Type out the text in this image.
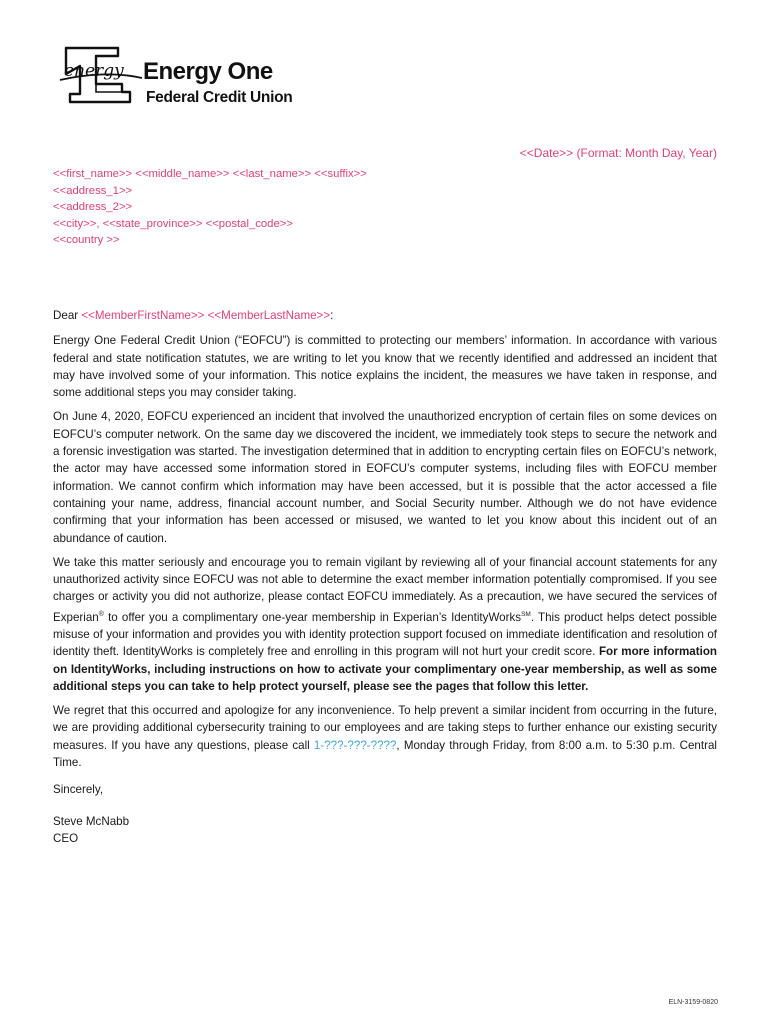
energy Energy One
Federal Credit Union
<<Date>> (Format: Month Day, Year)
<<first_name>> <<middle_name>> <<last_name>> <<suffix>>
<<address_1>>
<<address_2>>
<<city>>, <<state_province>> <<postal_code>>
<<country >>

Dear <<MemberFirstName>> <<MemberLastName>>:

Energy One Federal Credit Union (“EOFCU”) is committed to protecting our members’ information. In accordance with various federal and state notification statutes, we are writing to let you know that we recently identified and addressed an incident that may have involved some of your information. This notice explains the incident, the measures we have taken in response, and some additional steps you may consider taking.

On June 4, 2020, EOFCU experienced an incident that involved the unauthorized encryption of certain files on some devices on EOFCU’s computer network. On the same day we discovered the incident, we immediately took steps to secure the network and a forensic investigation was started. The investigation determined that in addition to encrypting certain files on EOFCU’s network, the actor may have accessed some information stored in EOFCU’s computer systems, including files with EOFCU member information. We cannot confirm which information may have been accessed, but it is possible that the actor accessed a file containing your name, address, financial account number, and Social Security number. Although we do not have evidence confirming that your information has been accessed or misused, we wanted to let you know about this incident out of an abundance of caution.

We take this matter seriously and encourage you to remain vigilant by reviewing all of your financial account statements for any unauthorized activity since EOFCU was not able to determine the exact member information potentially compromised. If you see charges or activity you did not authorize, please contact EOFCU immediately. As a precaution, we have secured the services of Experian® to offer you a complimentary one-year membership in Experian’s IdentityWorks℠. This product helps detect possible misuse of your information and provides you with identity protection support focused on immediate identification and resolution of identity theft. IdentityWorks is completely free and enrolling in this program will not hurt your credit score. For more information on IdentityWorks, including instructions on how to activate your complimentary one-year membership, as well as some additional steps you can take to help protect yourself, please see the pages that follow this letter.

We regret that this occurred and apologize for any inconvenience. To help prevent a similar incident from occurring in the future, we are providing additional cybersecurity training to our employees and are taking steps to further enhance our existing security measures. If you have any questions, please call 1-???-???-????, Monday through Friday, from 8:00 a.m. to 5:30 p.m. Central Time.

Sincerely,

Steve McNabb

CEO

ELN-3159-0820
